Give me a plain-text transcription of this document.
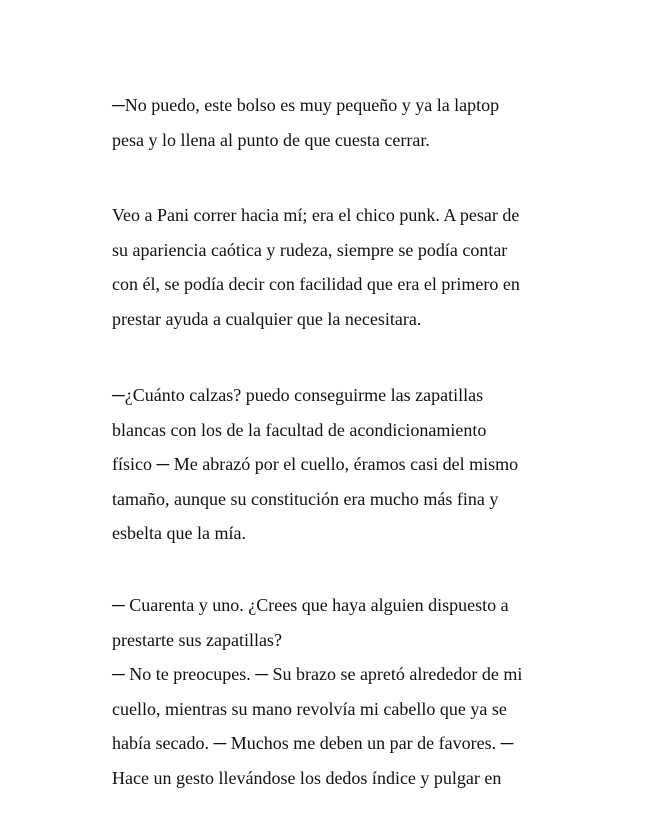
─No puedo, este bolso es muy pequeño y ya la laptop
pesa y lo llena al punto de que cuesta cerrar.
Veo a Pani correr hacia mí; era el chico punk. A pesar de
su apariencia caótica y rudeza, siempre se podía contar
con él, se podía decir con facilidad que era el primero en
prestar ayuda a cualquier que la necesitara.
─¿Cuánto calzas? puedo conseguirme las zapatillas
blancas con los de la facultad de acondicionamiento
físico ─ Me abrazó por el cuello, éramos casi del mismo
tamaño, aunque su constitución era mucho más fina y
esbelta que la mía.
─ Cuarenta y uno. ¿Crees que haya alguien dispuesto a
prestarte sus zapatillas?
─ No te preocupes. ─ Su brazo se apretó alrededor de mi
cuello, mientras su mano revolvía mi cabello que ya se
había secado. ─ Muchos me deben un par de favores. ─
Hace un gesto llevándose los dedos índice y pulgar en
